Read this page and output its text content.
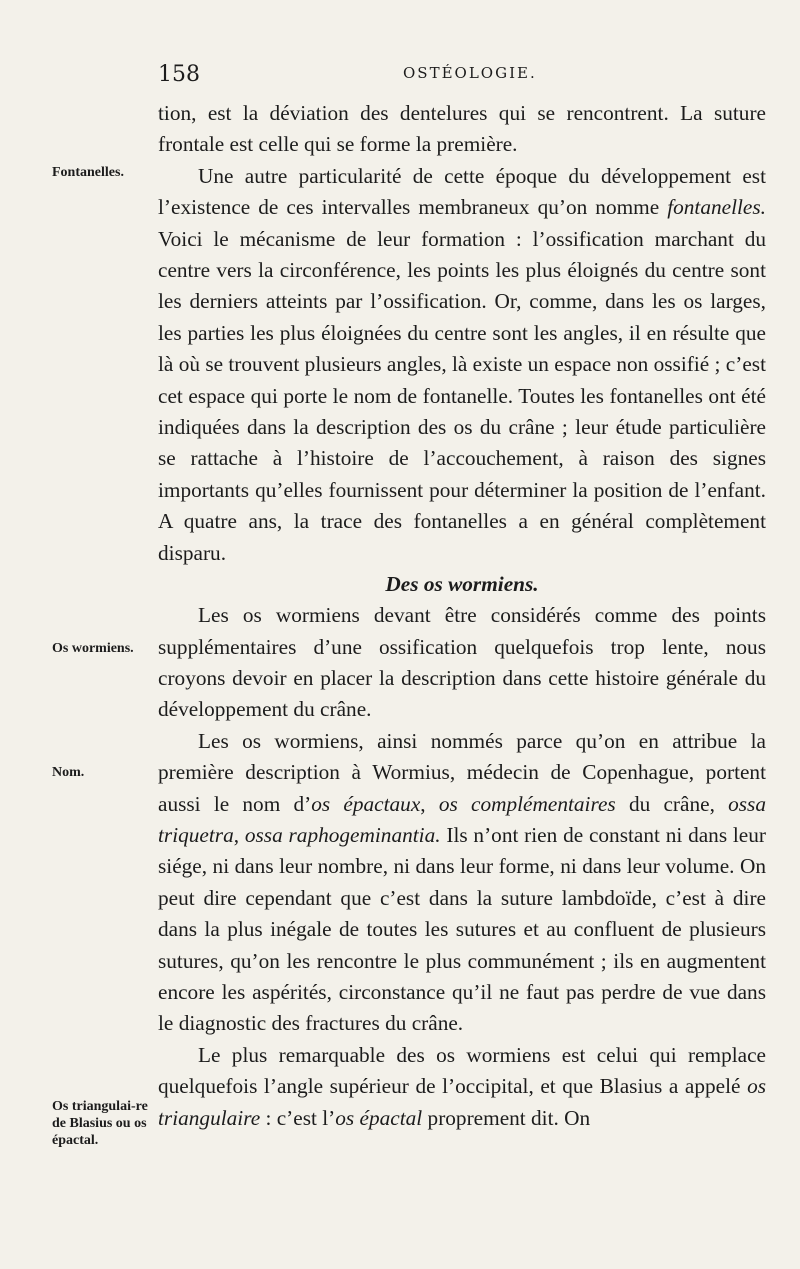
158	OSTÉOLOGIE.
Fontanelles.
Os wormiens.
Nom.
Os triangulai-re de Blasius ou os épactal.

tion, est la déviation des dentelures qui se rencontrent. La suture frontale est celle qui se forme la première.

Une autre particularité de cette époque du développement est l’existence de ces intervalles membraneux qu’on nomme fontanelles. Voici le mécanisme de leur formation : l’ossification marchant du centre vers la circonférence, les points les plus éloignés du centre sont les derniers atteints par l’ossification. Or, comme, dans les os larges, les parties les plus éloignées du centre sont les angles, il en résulte que là où se trouvent plusieurs angles, là existe un espace non ossifié ; c’est cet espace qui porte le nom de fontanelle. Toutes les fontanelles ont été indiquées dans la description des os du crâne ; leur étude particulière se rattache à l’histoire de l’accouchement, à raison des signes importants qu’elles fournissent pour déterminer la position de l’enfant. A quatre ans, la trace des fontanelles a en général complètement disparu.

Des os wormiens.

Les os wormiens devant être considérés comme des points supplémentaires d’une ossification quelquefois trop lente, nous croyons devoir en placer la description dans cette histoire générale du développement du crâne.

Les os wormiens, ainsi nommés parce qu’on en attribue la première description à Wormius, médecin de Copenhague, portent aussi le nom d’os épactaux, os complémentaires du crâne, ossa triquetra, ossa raphogeminantia. Ils n’ont rien de constant ni dans leur siége, ni dans leur nombre, ni dans leur forme, ni dans leur volume. On peut dire cependant que c’est dans la suture lambdoïde, c’est à dire dans la plus inégale de toutes les sutures et au confluent de plusieurs sutures, qu’on les rencontre le plus communément ; ils en augmentent encore les aspérités, circonstance qu’il ne faut pas perdre de vue dans le diagnostic des fractures du crâne.

Le plus remarquable des os wormiens est celui qui remplace quelquefois l’angle supérieur de l’occipital, et que Blasius a appelé os triangulaire : c’est l’os épactal proprement dit. On
